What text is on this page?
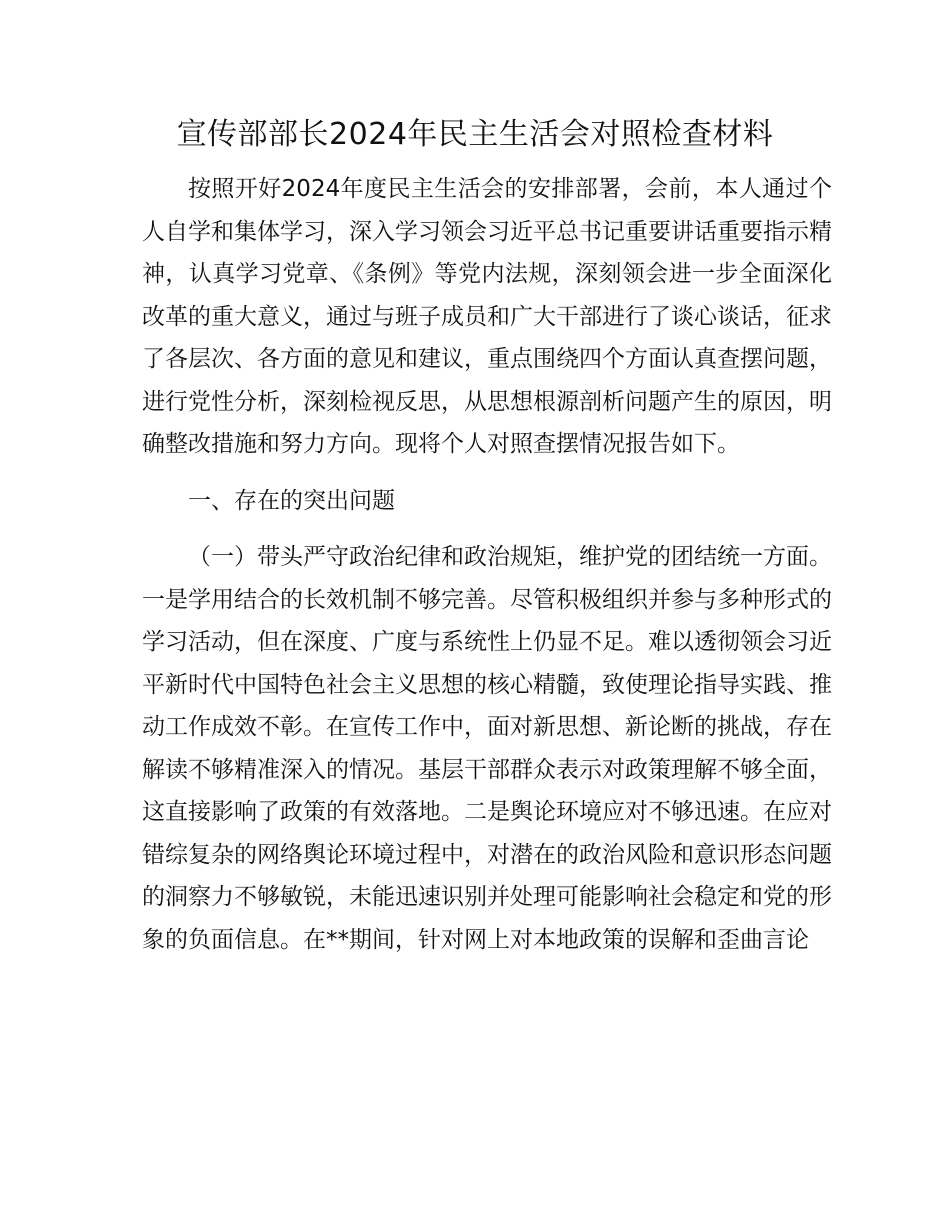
宣传部部长2024年民主生活会对照检查材料

按照开好2024年度民主生活会的安排部署，会前，本人通过个人自学和集体学习，深入学习领会习近平总书记重要讲话重要指示精神，认真学习党章、《条例》等党内法规，深刻领会进一步全面深化改革的重大意义，通过与班子成员和广大干部进行了谈心谈话，征求了各层次、各方面的意见和建议，重点围绕四个方面认真查摆问题，进行党性分析，深刻检视反思，从思想根源剖析问题产生的原因，明确整改措施和努力方向。现将个人对照查摆情况报告如下。

一、存在的突出问题

（一）带头严守政治纪律和政治规矩，维护党的团结统一方面。一是学用结合的长效机制不够完善。尽管积极组织并参与多种形式的学习活动，但在深度、广度与系统性上仍显不足。难以透彻领会习近平新时代中国特色社会主义思想的核心精髓，致使理论指导实践、推动工作成效不彰。在宣传工作中，面对新思想、新论断的挑战，存在解读不够精准深入的情况。基层干部群众表示对政策理解不够全面，这直接影响了政策的有效落地。二是舆论环境应对不够迅速。在应对错综复杂的网络舆论环境过程中，对潜在的政治风险和意识形态问题的洞察力不够敏锐，未能迅速识别并处理可能影响社会稳定和党的形象的负面信息。在**期间，针对网上对本地政策的误解和歪曲言论
